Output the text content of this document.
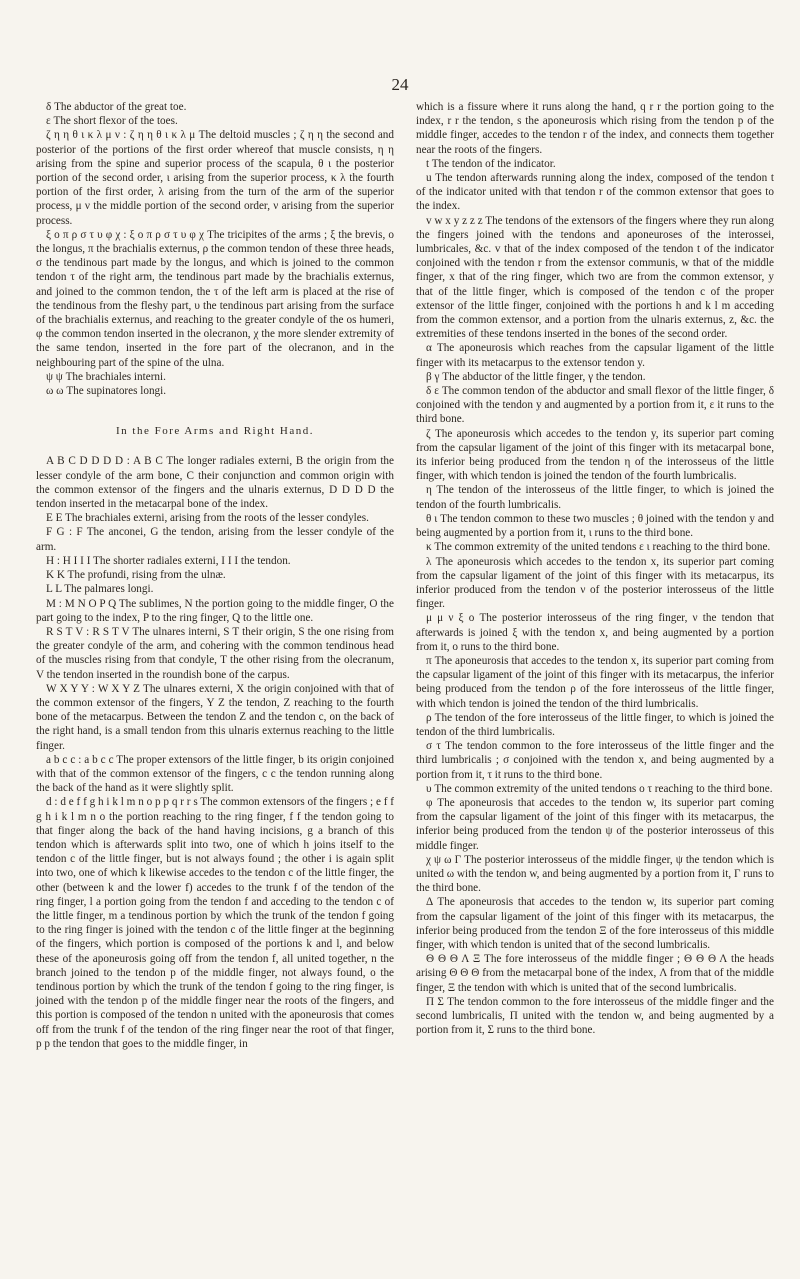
24

δ The abductor of the great toe.

ε The short flexor of the toes.

ζ η η θ ι κ λ μ ν : ζ η η θ ι κ λ μ The deltoid muscles ; ζ η η the second and posterior of the portions of the first order whereof that muscle consists, η η arising from the spine and superior process of the scapula, θ ι the posterior portion of the second order, ι arising from the superior process, κ λ the fourth portion of the first order, λ arising from the turn of the arm of the superior process, μ ν the middle portion of the second order, ν arising from the superior process.

ξ ο π ρ σ τ υ φ χ : ξ ο π ρ σ τ υ φ χ The tricipites of the arms ; ξ the brevis, ο the longus, π the brachialis externus, ρ the common tendon of these three heads, σ the tendinous part made by the longus, and which is joined to the common tendon τ of the right arm, the tendinous part made by the brachialis externus, and joined to the common tendon, the τ of the left arm is placed at the rise of the tendinous from the fleshy part, υ the tendinous part arising from the surface of the brachialis externus, and reaching to the greater condyle of the os humeri, φ the common tendon inserted in the olecranon, χ the more slender extremity of the same tendon, inserted in the fore part of the olecranon, and in the neighbouring part of the spine of the ulna.

ψ ψ The brachiales interni.

ω ω The supinatores longi.

In the Fore Arms and Right Hand.

A B C D D D D : A B C The longer radiales externi, B the origin from the lesser condyle of the arm bone, C their conjunction and common origin with the common extensor of the fingers and the ulnaris externus, D D D D the tendon inserted in the metacarpal bone of the index.

E E The brachiales externi, arising from the roots of the lesser condyles.

F G : F The anconei, G the tendon, arising from the lesser condyle of the arm.

H : H I I I The shorter radiales externi, I I I the tendon.

K K The profundi, rising from the ulnæ.

L L The palmares longi.

M : M N O P Q The sublimes, N the portion going to the middle finger, O the part going to the index, P to the ring finger, Q to the little one.

R S T V : R S T V The ulnares interni, S T their origin, S the one rising from the greater condyle of the arm, and cohering with the common tendinous head of the muscles rising from that condyle, T the other rising from the olecranum, V the tendon inserted in the roundish bone of the carpus.

W X Y Y : W X Y Z The ulnares externi, X the origin conjoined with that of the common extensor of the fingers, Y Z the tendon, Z reaching to the fourth bone of the metacarpus. Between the tendon Z and the tendon c, on the back of the right hand, is a small tendon from this ulnaris externus reaching to the little finger.

a b c c : a b c c The proper extensors of the little finger, b its origin conjoined with that of the common extensor of the fingers, c c the tendon running along the back of the hand as it were slightly split.

d : d e f f g h i k l m n o p p q r r s The common extensors of the fingers ; e f f g h i k l m n o the portion reaching to the ring finger, f f the tendon going to that finger along the back of the hand having incisions, g a branch of this tendon which is afterwards split into two, one of which h joins itself to the tendon c of the little finger, but is not always found ; the other i is again split into two, one of which k likewise accedes to the tendon c of the little finger, the other (between k and the lower f) accedes to the trunk f of the tendon of the ring finger, l a portion going from the tendon f and acceding to the tendon c of the little finger, m a tendinous portion by which the trunk of the tendon f going to the ring finger is joined with the tendon c of the little finger at the beginning of the fingers, which portion is composed of the portions k and l, and below these of the aponeurosis going off from the tendon f, all united together, n the branch joined to the tendon p of the middle finger, not always found, o the tendinous portion by which the trunk of the tendon f going to the ring finger, is joined with the tendon p of the middle finger near the roots of the fingers, and this portion is composed of the tendon n united with the aponeurosis that comes off from the trunk f of the tendon of the ring finger near the root of that finger, p p the tendon that goes to the middle finger, in

which is a fissure where it runs along the hand, q r r the portion going to the index, r r the tendon, s the aponeurosis which rising from the tendon p of the middle finger, accedes to the tendon r of the index, and connects them together near the roots of the fingers.

t The tendon of the indicator.

u The tendon afterwards running along the index, composed of the tendon t of the indicator united with that tendon r of the common extensor that goes to the index.

v w x y z z z The tendons of the extensors of the fingers where they run along the fingers joined with the tendons and aponeuroses of the interossei, lumbricales, &c. v that of the index composed of the tendon t of the indicator conjoined with the tendon r from the extensor communis, w that of the middle finger, x that of the ring finger, which two are from the common extensor, y that of the little finger, which is composed of the tendon c of the proper extensor of the little finger, conjoined with the portions h and k l m acceding from the common extensor, and a portion from the ulnaris externus, z, &c. the extremities of these tendons inserted in the bones of the second order.

α The aponeurosis which reaches from the capsular ligament of the little finger with its metacarpus to the extensor tendon y.

β γ The abductor of the little finger, γ the tendon.

δ ε The common tendon of the abductor and small flexor of the little finger, δ conjoined with the tendon y and augmented by a portion from it, ε it runs to the third bone.

ζ The aponeurosis which accedes to the tendon y, its superior part coming from the capsular ligament of the joint of this finger with its metacarpal bone, its inferior being produced from the tendon η of the interosseus of the little finger, with which tendon is joined the tendon of the fourth lumbricalis.

η The tendon of the interosseus of the little finger, to which is joined the tendon of the fourth lumbricalis.

θ ι The tendon common to these two muscles ; θ joined with the tendon y and being augmented by a portion from it, ι runs to the third bone.

κ The common extremity of the united tendons ε ι reaching to the third bone.

λ The aponeurosis which accedes to the tendon x, its superior part coming from the capsular ligament of the joint of this finger with its metacarpus, its inferior produced from the tendon ν of the posterior interosseus of the little finger.

μ μ ν ξ ο The posterior interosseus of the ring finger, ν the tendon that afterwards is joined ξ with the tendon x, and being augmented by a portion from it, ο runs to the third bone.

π The aponeurosis that accedes to the tendon x, its superior part coming from the capsular ligament of the joint of this finger with its metacarpus, the inferior being produced from the tendon ρ of the fore interosseus of the little finger, with which tendon is joined the tendon of the third lumbricalis.

ρ The tendon of the fore interosseus of the little finger, to which is joined the tendon of the third lumbricalis.

σ τ The tendon common to the fore interosseus of the little finger and the third lumbricalis ; σ conjoined with the tendon x, and being augmented by a portion from it, τ it runs to the third bone.

υ The common extremity of the united tendons ο τ reaching to the third bone.

φ The aponeurosis that accedes to the tendon w, its superior part coming from the capsular ligament of the joint of this finger with its metacarpus, the inferior being produced from the tendon ψ of the posterior interosseus of this middle finger.

χ ψ ω Γ The posterior interosseus of the middle finger, ψ the tendon which is united ω with the tendon w, and being augmented by a portion from it, Γ runs to the third bone.

Δ The aponeurosis that accedes to the tendon w, its superior part coming from the capsular ligament of the joint of this finger with its metacarpus, the inferior being produced from the tendon Ξ of the fore interosseus of this middle finger, with which tendon is united that of the second lumbricalis.

Θ Θ Θ Λ Ξ The fore interosseus of the middle finger ; Θ Θ Θ Λ the heads arising Θ Θ Θ from the metacarpal bone of the index, Λ from that of the middle finger, Ξ the tendon with which is united that of the second lumbricalis.

Π Σ The tendon common to the fore interosseus of the middle finger and the second lumbricalis, Π united with the tendon w, and being augmented by a portion from it, Σ runs to the third bone.
